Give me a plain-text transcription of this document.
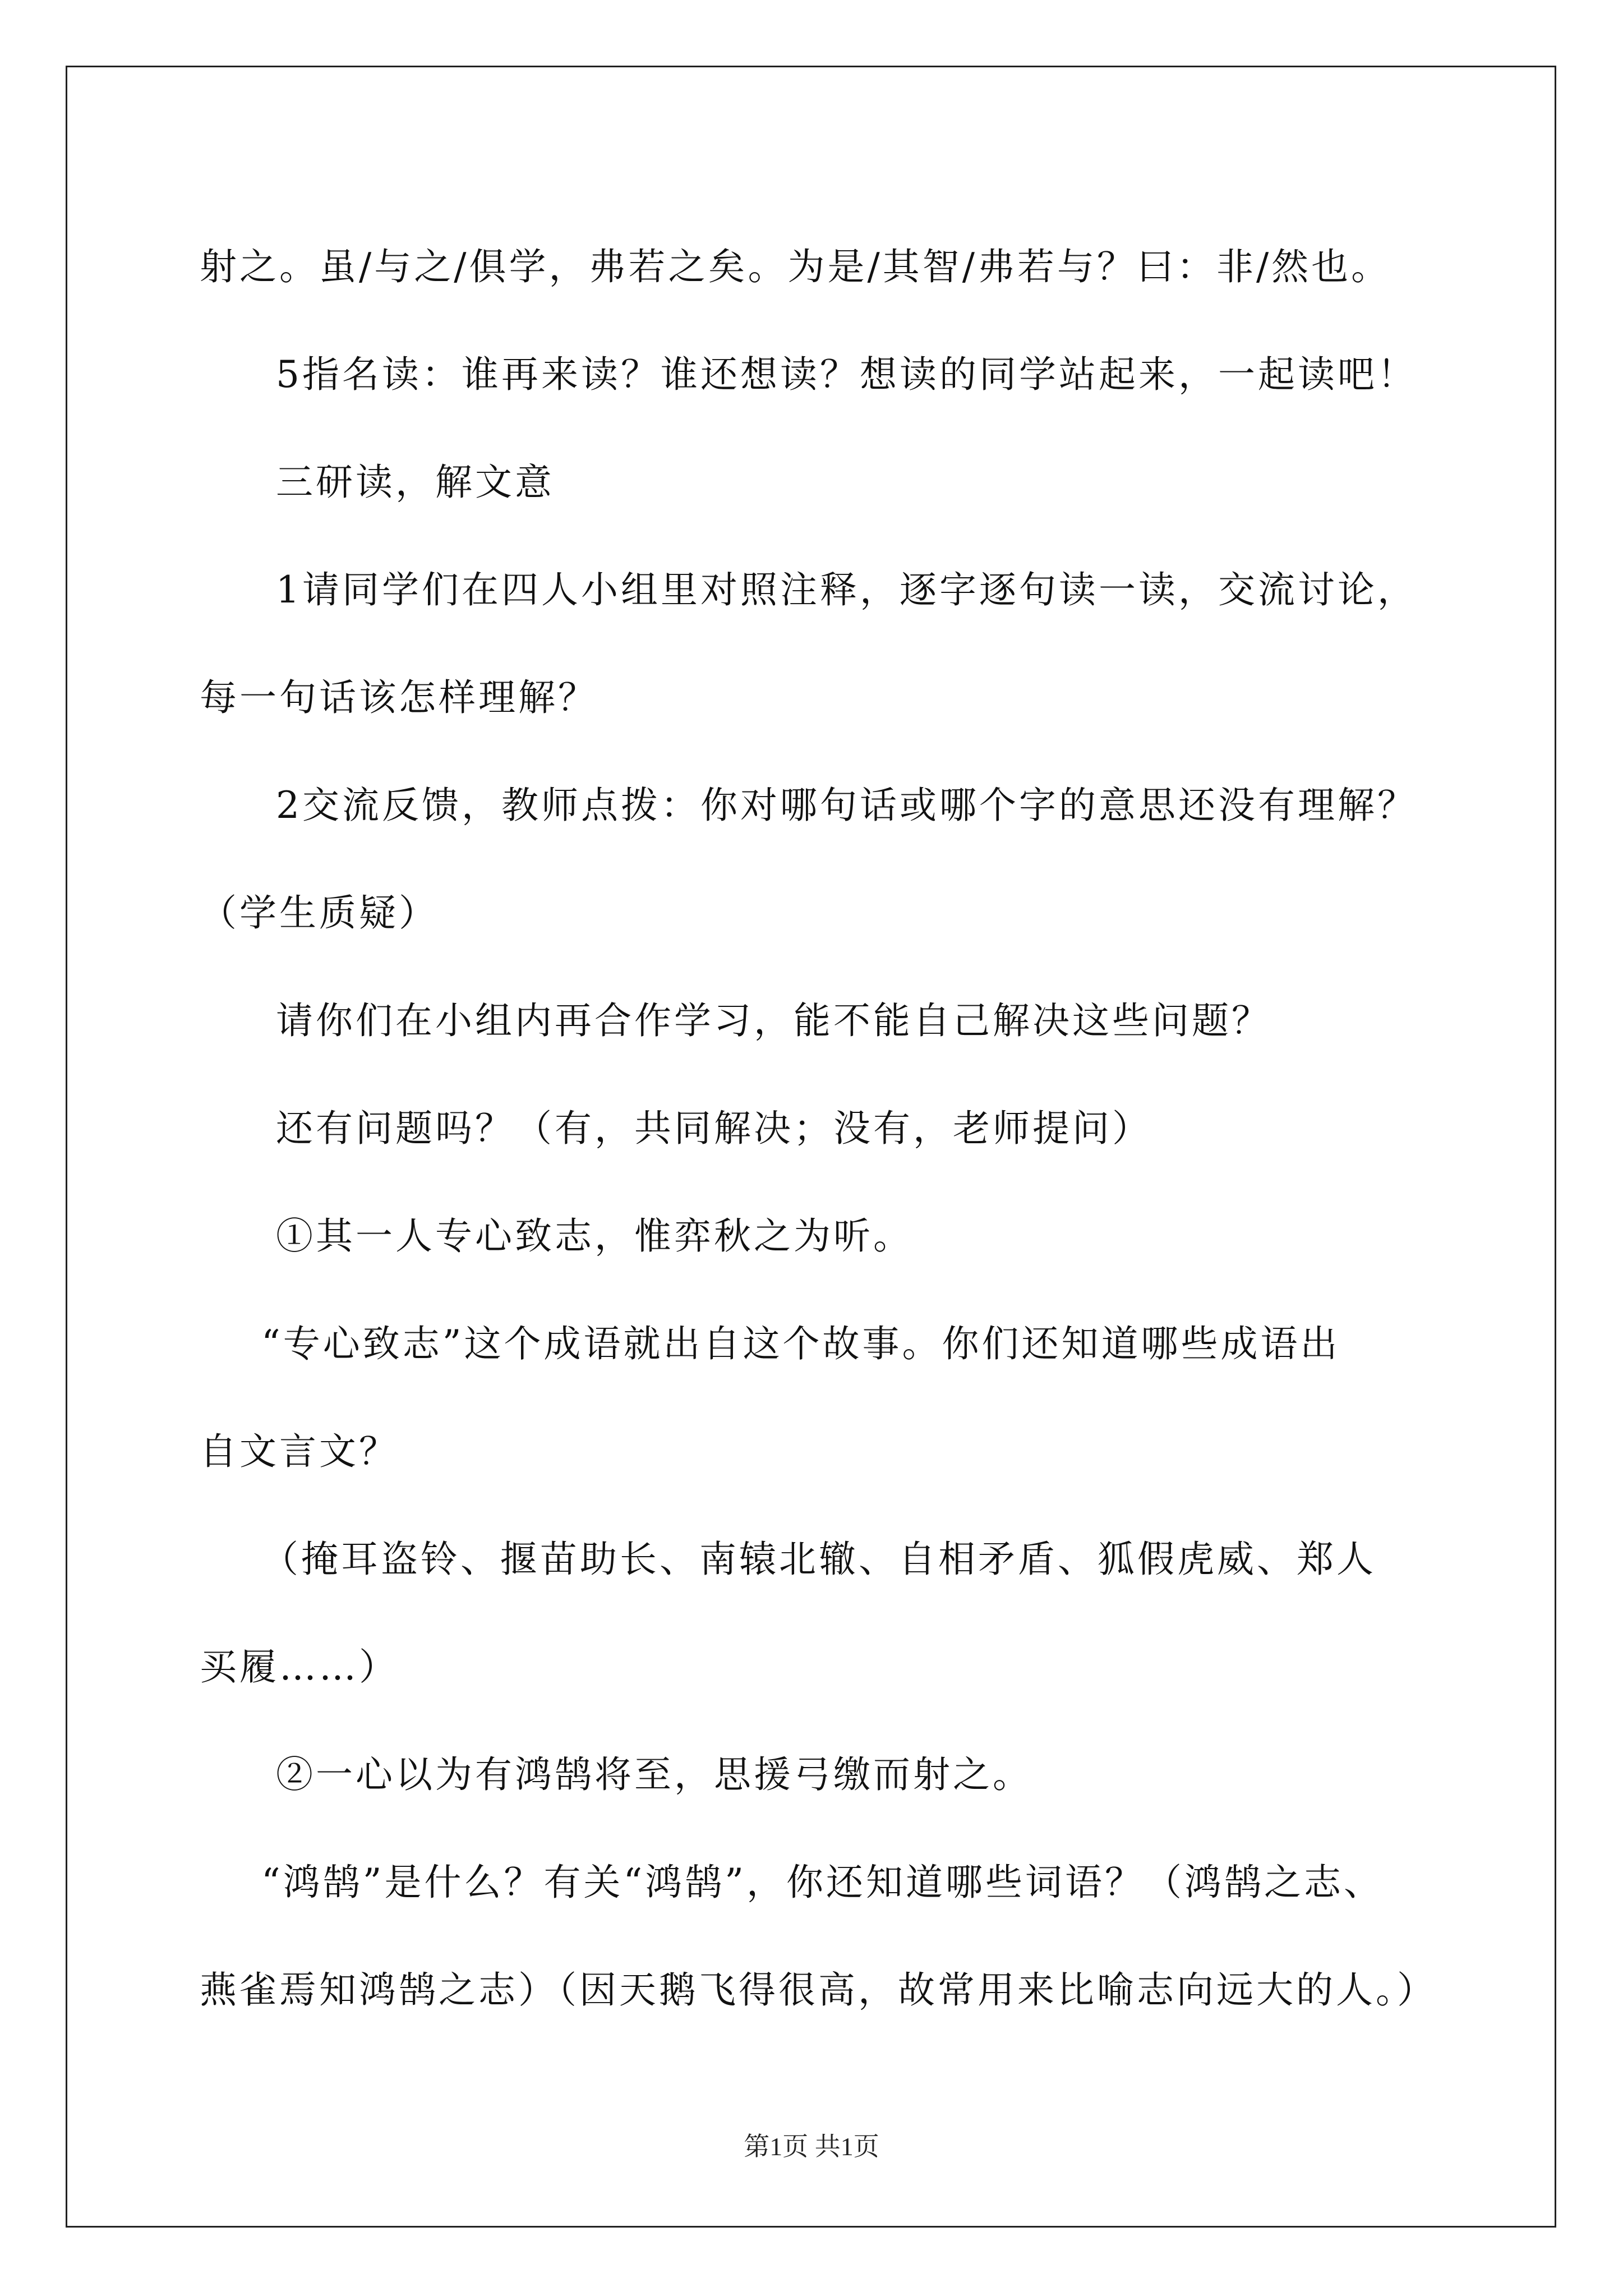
射之。虽/与之/俱学，弗若之矣。为是/其智/弗若与？曰：非/然也。

5指名读：谁再来读？谁还想读？想读的同学站起来，一起读吧！

三研读，解文意

1请同学们在四人小组里对照注释，逐字逐句读一读，交流讨论，

每一句话该怎样理解？

2交流反馈，教师点拨：你对哪句话或哪个字的意思还没有理解？

（学生质疑）

请你们在小组内再合作学习，能不能自己解决这些问题？

还有问题吗？（有，共同解决；没有，老师提问）

①其一人专心致志，惟弈秋之为听。

“专心致志”这个成语就出自这个故事。你们还知道哪些成语出

自文言文？

（掩耳盗铃、揠苗助长、南辕北辙、自相矛盾、狐假虎威、郑人

买履……）

②一心以为有鸿鹄将至，思援弓缴而射之。

“鸿鹄”是什么？有关“鸿鹄”，你还知道哪些词语？（鸿鹄之志、

燕雀焉知鸿鹄之志）（因天鹅飞得很高，故常用来比喻志向远大的人。）

第1页 共1页
